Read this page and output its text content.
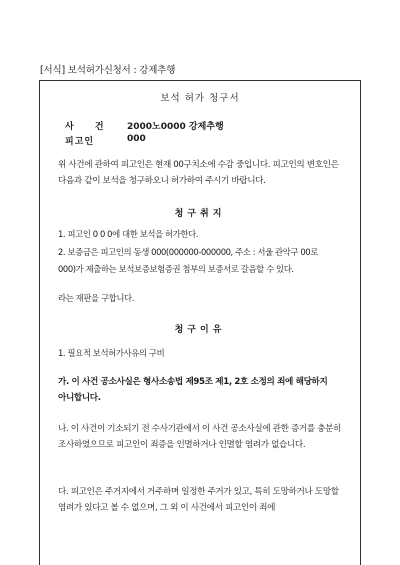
[서식] 보석허가신청서 : 강제추행
보석 허가 청구서
사 건 2000노0000 강제추행
피고인	000
위 사건에 관하여 피고인은 현재 00구치소에 수감 중입니다. 피고인의 변호인은 다음과 같이 보석을 청구하오니 허가하여 주시기 바랍니다.
청구취지
1. 피고인 0 0 0에 대한 보석을 허가한다.
2. 보증금은 피고인의 동생 000(000000-000000, 주소 : 서울 관악구 00로
000)가 제출하는 보석보증보험증권 첨부의 보증서로 갈음할 수 있다.
라는 재판을 구합니다.
청구이유
1. 필요적 보석허가사유의 구비
가. 이 사건 공소사실은 형사소송법 제95조 제1, 2호 소정의 죄에 해당하지 아니합니다.
나. 이 사건이 기소되기 전 수사기관에서 이 사건 공소사실에 관한 증거를 충분히 조사하였으므로 피고인이 죄증을 인멸하거나 인멸할 염려가 없습니다.
다. 피고인은 주거지에서 거주하며 일정한 주거가 있고, 특히 도망하거나 도망할 염려가 있다고 볼 수 없으며, 그 외 이 사건에서 피고인이 죄에
